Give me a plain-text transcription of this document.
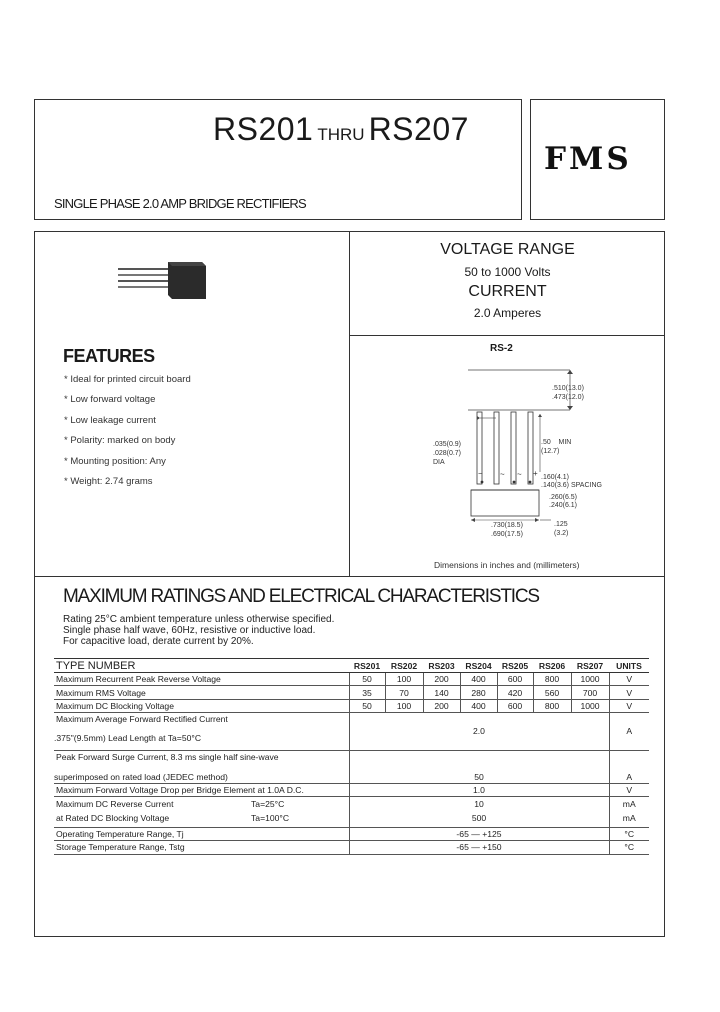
RS201 THRU RS207
SINGLE PHASE 2.0 AMP BRIDGE RECTIFIERS
FMS
VOLTAGE RANGE
50 to 1000 Volts
CURRENT
2.0 Amperes
FEATURES
* Ideal for printed circuit board
* Low forward voltage
* Low leakage current
* Polarity: marked on body
* Mounting position: Any
* Weight: 2.74 grams
RS-2
.510(13.0)
.473(12.0)
.035(0.9)
.028(0.7)
DIA
.50 MIN
(12.7)
.160(4.1)
.140(3.6) SPACING
.260(6.5)
.240(6.1)
.730(18.5)
.690(17.5)
.125
(3.2)
−	+
~ ~
Dimensions in inches and (millimeters)
MAXIMUM RATINGS AND ELECTRICAL CHARACTERISTICS
Rating 25°C ambient temperature unless otherwise specified.
Single phase half wave, 60Hz, resistive or inductive load.
For capacitive load, derate current by 20%.
TYPE NUMBER	RS201	RS202	RS203	RS204	RS205	RS206	RS207	UNITS
Maximum Recurrent Peak Reverse Voltage	50	100	200	400	600	800	1000	V
Maximum RMS Voltage	35	70	140	280	420	560	700	V
Maximum DC Blocking Voltage	50	100	200	400	600	800	1000	V
Maximum Average Forward Rectified Current	2.0							A
.375"(9.5mm) Lead Length at Ta=50°C								
Peak Forward Surge Current, 8.3 ms single half sine-wave	50							A
superimposed on rated load (JEDEC method)								
Maximum Forward Voltage Drop per Bridge Element at 1.0A D.C.	1.0							V
Maximum DC Reverse Current Ta=25°C	10							mA
at Rated DC Blocking Voltage Ta=100°C	500							mA
Operating Temperature Range, Tj	-65 — +125							°C
Storage Temperature Range, Tstg	-65 — +150							°C
